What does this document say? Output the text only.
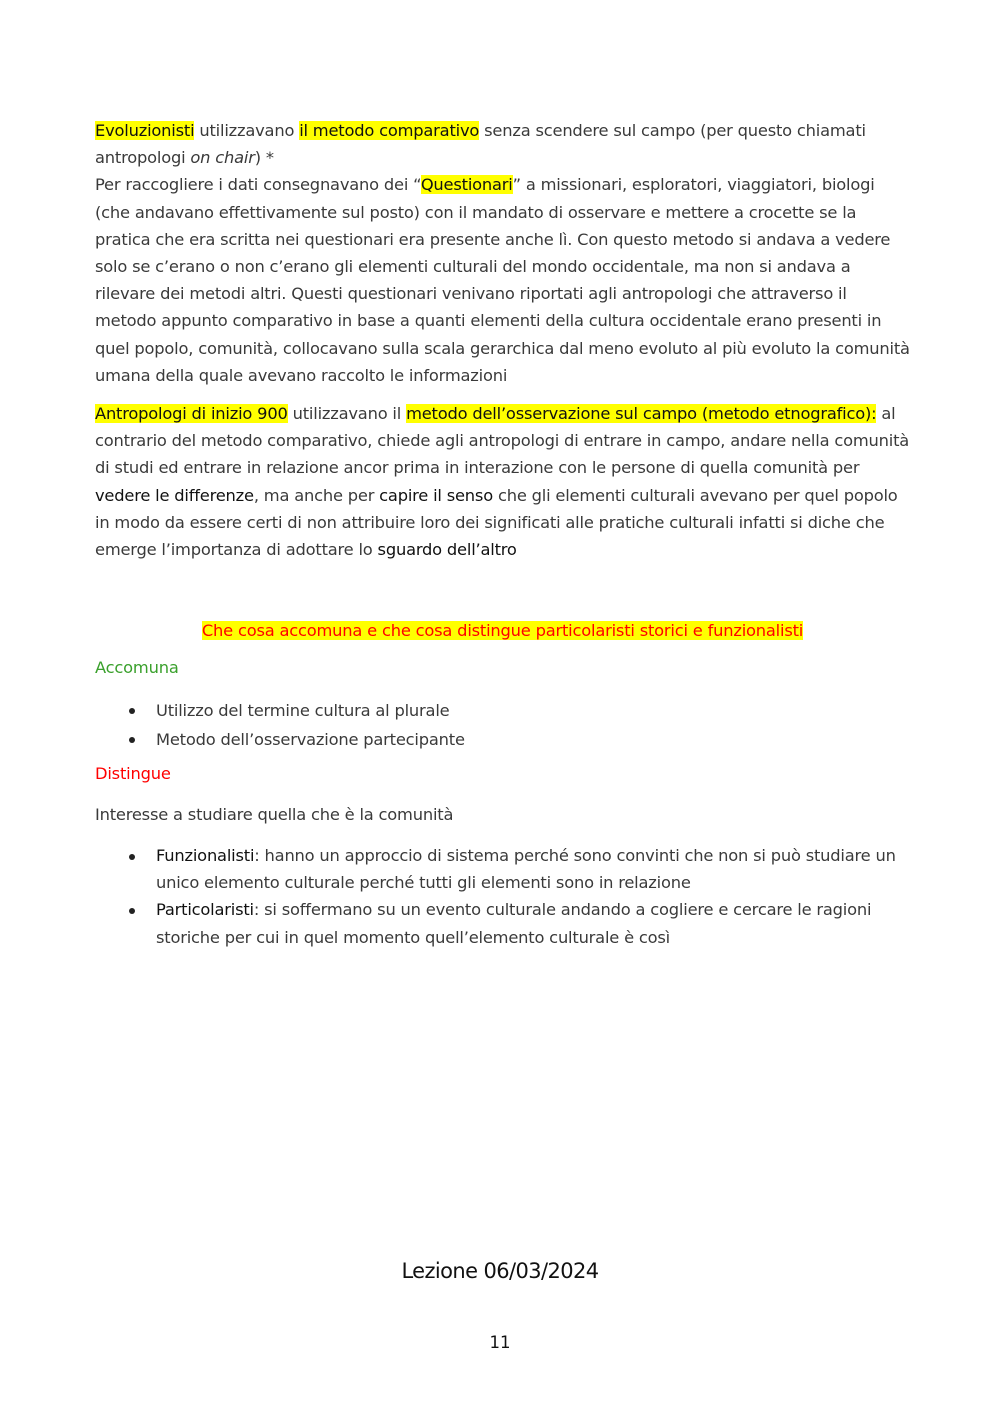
Evoluzionisti utilizzavano il metodo comparativo senza scendere sul campo (per questo chiamati antropologi on chair) *
Per raccogliere i dati consegnavano dei “Questionari” a missionari, esploratori, viaggiatori, biologi (che andavano effettivamente sul posto) con il mandato di osservare e mettere a crocette se la pratica che era scritta nei questionari era presente anche lì. Con questo metodo si andava a vedere solo se c’erano o non c’erano gli elementi culturali del mondo occidentale, ma non si andava a rilevare dei metodi altri. Questi questionari venivano riportati agli antropologi che attraverso il metodo appunto comparativo in base a quanti elementi della cultura occidentale erano presenti in quel popolo, comunità, collocavano sulla scala gerarchica dal meno evoluto al più evoluto la comunità umana della quale avevano raccolto le informazioni

Antropologi di inizio 900 utilizzavano il metodo dell’osservazione sul campo (metodo etnografico): al contrario del metodo comparativo, chiede agli antropologi di entrare in campo, andare nella comunità di studi ed entrare in relazione ancor prima in interazione con le persone di quella comunità per vedere le differenze, ma anche per capire il senso che gli elementi culturali avevano per quel popolo in modo da essere certi di non attribuire loro dei significati alle pratiche culturali infatti si diche che emerge l’importanza di adottare lo sguardo dell’altro

Che cosa accomuna e che cosa distingue particolaristi storici e funzionalisti

Accomuna

Utilizzo del termine cultura al plurale
Metodo dell’osservazione partecipante

Distingue

Interesse a studiare quella che è la comunità

Funzionalisti: hanno un approccio di sistema perché sono convinti che non si può studiare un unico elemento culturale perché tutti gli elementi sono in relazione
Particolaristi: si soffermano su un evento culturale andando a cogliere e cercare le ragioni storiche per cui in quel momento quell’elemento culturale è così
Lezione 06/03/2024
11
